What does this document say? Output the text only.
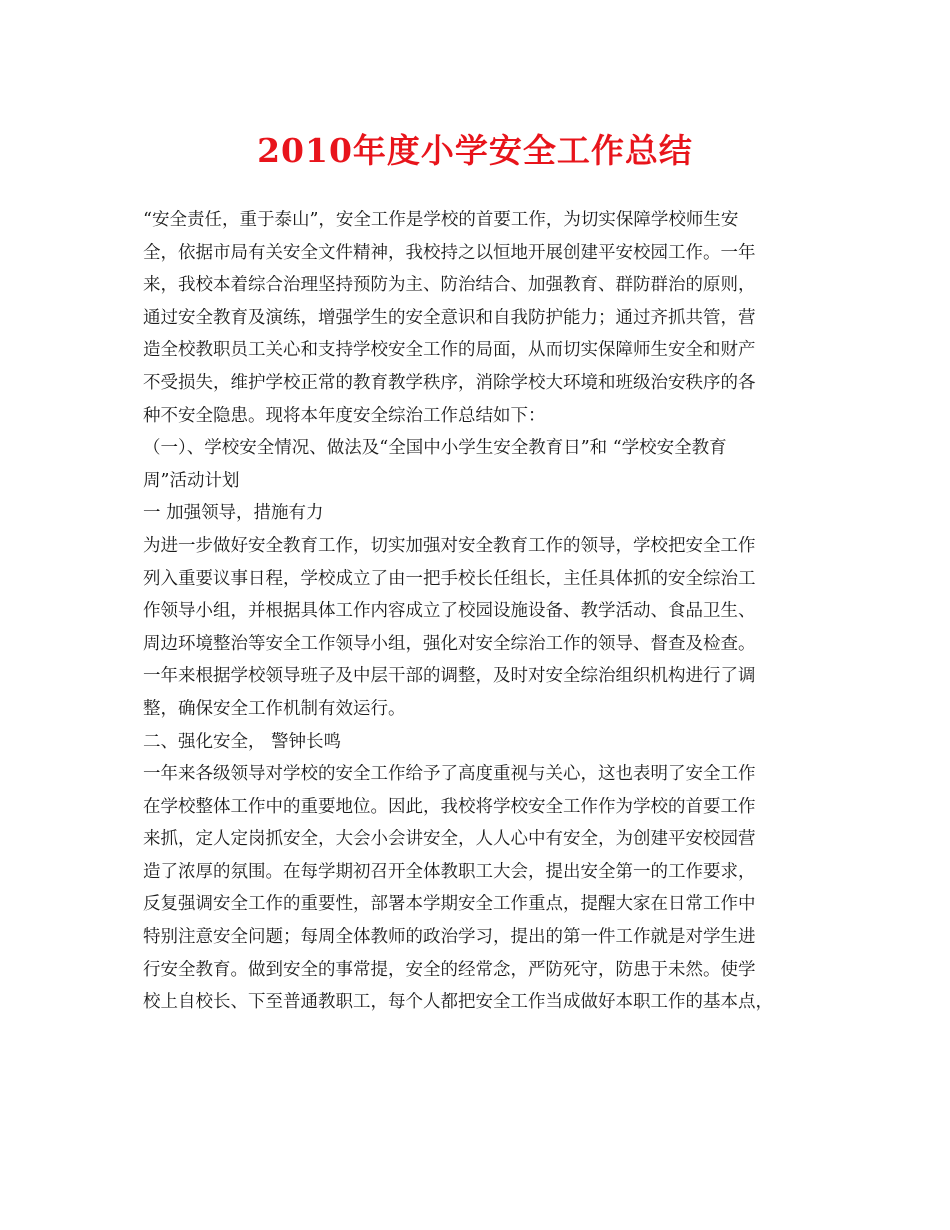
2010年度小学安全工作总结
“安全责任，重于泰山”，安全工作是学校的首要工作，为切实保障学校师生安
全，依据市局有关安全文件精神，我校持之以恒地开展创建平安校园工作。一年
来，我校本着综合治理坚持预防为主、防治结合、加强教育、群防群治的原则，
通过安全教育及演练，增强学生的安全意识和自我防护能力；通过齐抓共管，营
造全校教职员工关心和支持学校安全工作的局面，从而切实保障师生安全和财产
不受损失，维护学校正常的教育教学秩序，消除学校大环境和班级治安秩序的各
种不安全隐患。现将本年度安全综治工作总结如下：
（一）、学校安全情况、做法及“全国中小学生安全教育日”和 “学校安全教育
周”活动计划
一 加强领导，措施有力
为进一步做好安全教育工作，切实加强对安全教育工作的领导，学校把安全工作
列入重要议事日程，学校成立了由一把手校长任组长，主任具体抓的安全综治工
作领导小组，并根据具体工作内容成立了校园设施设备、教学活动、食品卫生、
周边环境整治等安全工作领导小组，强化对安全综治工作的领导、督查及检查。
一年来根据学校领导班子及中层干部的调整，及时对安全综治组织机构进行了调
整，确保安全工作机制有效运行。
二、强化安全， 警钟长鸣
一年来各级领导对学校的安全工作给予了高度重视与关心，这也表明了安全工作
在学校整体工作中的重要地位。因此，我校将学校安全工作作为学校的首要工作
来抓，定人定岗抓安全，大会小会讲安全，人人心中有安全，为创建平安校园营
造了浓厚的氛围。在每学期初召开全体教职工大会，提出安全第一的工作要求，
反复强调安全工作的重要性，部署本学期安全工作重点，提醒大家在日常工作中
特别注意安全问题；每周全体教师的政治学习，提出的第一件工作就是对学生进
行安全教育。做到安全的事常提，安全的经常念，严防死守，防患于未然。使学
校上自校长、下至普通教职工，每个人都把安全工作当成做好本职工作的基本点，
